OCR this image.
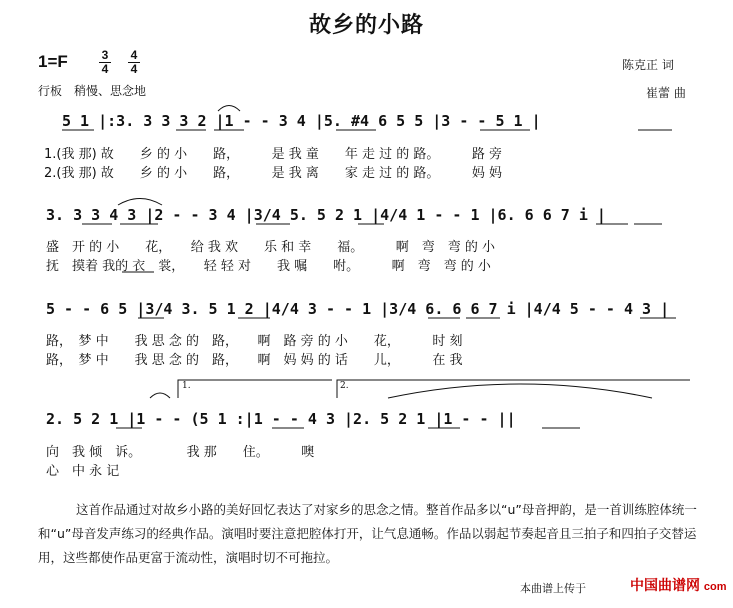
故乡的小路
1=F	$\frac{3}{4} \frac{4}{4}$
行板　稍慢、思念地
陈克正 词
崔蕾 曲
5 1 |:3. 3 3 3 2 |1 - - 3 4 |5. #4 6 5 5 |3 - - 5 1 |
1.(我 那) 故　　乡 的 小　　路，　　　是 我 童　　年 走 过 的 路。　　　路 旁
2.(我 那) 故　　乡 的 小　　路，　　　是 我 离　　家 走 过 的 路。　　　妈 妈
3. 3 3 4 3 |2 - - 3 4 |3/4 5. 5 2 1 |4/4 1 - - 1 |6. 6 6 7 i |
盛　开 的 小　　花，　　给 我 欢　　乐 和 幸　　福。　　　啊　弯　弯 的 小
抚　摸着 我的 衣　裳，　　轻 轻 对　　我 嘱　　咐。　　　啊　弯　弯 的 小
5 - - 6 5 |3/4 3. 5 1 2 |4/4 3 - - 1 |3/4 6. 6 6 7 i |4/4 5 - - 4 3 |
路，　梦 中　　我 思 念 的　路，　　啊　路 旁 的 小　　花，　　　时 刻
路，　梦 中　　我 思 念 的　路，　　啊　妈 妈 的 话　　儿，　　　在 我
1.	2.
2. 5 2 1 |1 - - (5 1 :|1 - - 4 3 |2. 5 2 1 |1 - - ||
向　我 倾　诉。　　　　我 那　　住。　　　噢
心　中 永 记
这首作品通过对故乡小路的美好回忆表达了对家乡的思念之情。整首作品多以“u”母音押韵，是一首训练腔体统一和“u”母音发声练习的经典作品。演唱时要注意把腔体打开，让气息通畅。作品以弱起节奏起音且三拍子和四拍子交替运用，这些都使作品更富于流动性，演唱时切不可拖拉。
本曲谱上传于	中国曲谱网 com
